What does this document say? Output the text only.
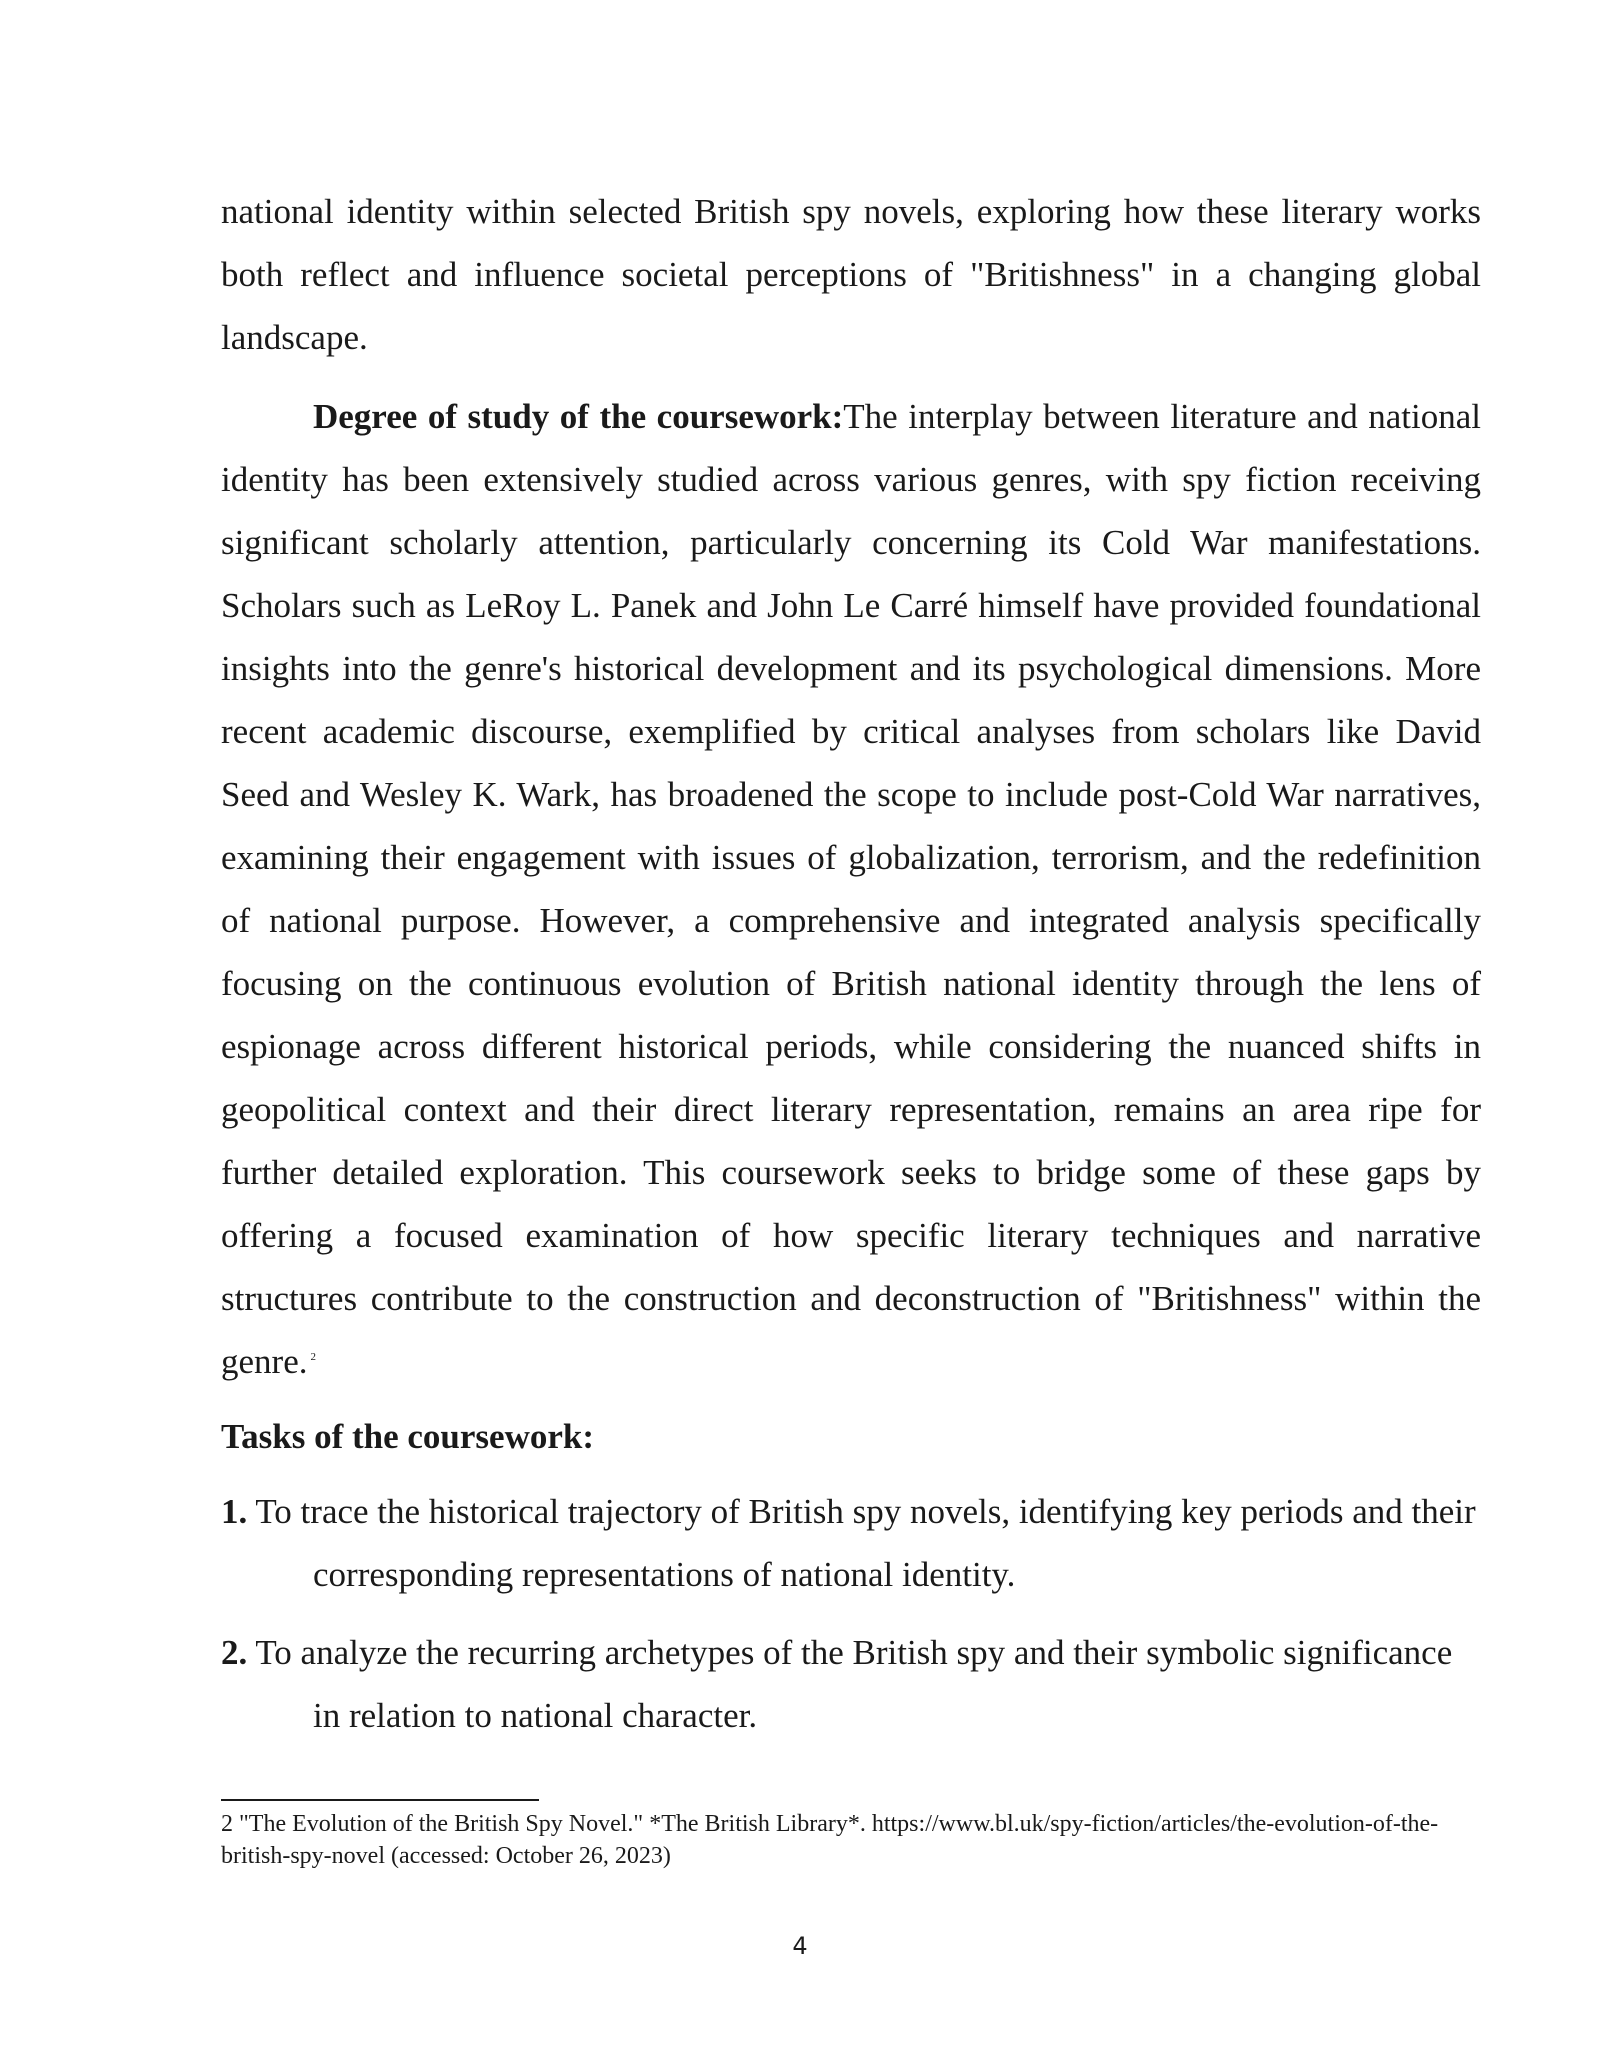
national identity within selected British spy novels, exploring how these literary works both reflect and influence societal perceptions of "Britishness" in a changing global landscape.

Degree of study of the coursework:The interplay between literature and national identity has been extensively studied across various genres, with spy fiction receiving significant scholarly attention, particularly concerning its Cold War manifestations. Scholars such as LeRoy L. Panek and John Le Carré himself have provided foundational insights into the genre's historical development and its psychological dimensions. More recent academic discourse, exemplified by critical analyses from scholars like David Seed and Wesley K. Wark, has broadened the scope to include post-Cold War narratives, examining their engagement with issues of globalization, terrorism, and the redefinition of national purpose. However, a comprehensive and integrated analysis specifically focusing on the continuous evolution of British national identity through the lens of espionage across different historical periods, while considering the nuanced shifts in geopolitical context and their direct literary representation, remains an area ripe for further detailed exploration. This coursework seeks to bridge some of these gaps by offering a focused examination of how specific literary techniques and narrative structures contribute to the construction and deconstruction of "Britishness" within the genre. $^2$

Tasks of the coursework:
1. To trace the historical trajectory of British spy novels, identifying key periods and their corresponding representations of national identity.
2. To analyze the recurring archetypes of the British spy and their symbolic significance in relation to national character.
2 "The Evolution of the British Spy Novel." *The British Library*. https://www.bl.uk/spy-fiction/articles/the-evolution-of-the-british-spy-novel (accessed: October 26, 2023)
4
